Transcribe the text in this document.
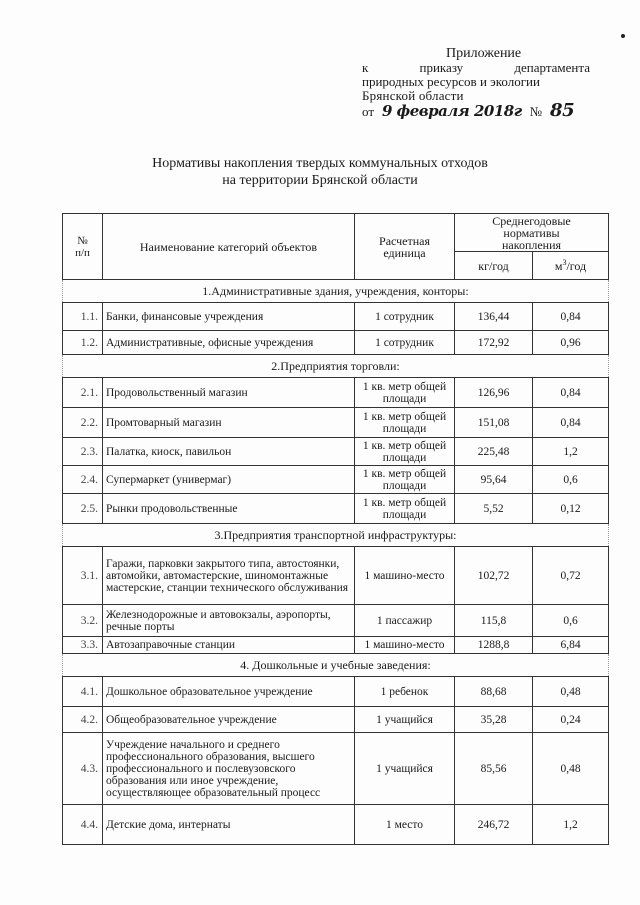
Приложение
к	приказу	департамента
природных ресурсов и экологии
Брянской области
от 9 февраля 2018г № 85
Нормативы накопления твердых коммунальных отходов
на территории Брянской области
№
п/п	Наименование категорий объектов	Расчетная единица	Среднегодовые нормативы накопления	
			кг/год	$м^3$/год
1.Административные здания, учреждения, конторы:				
1.1.	Банки, финансовые учреждения	1 сотрудник	136,44	0,84
1.2.	Административные, офисные учреждения	1 сотрудник	172,92	0,96
2.Предприятия торговли:				
2.1.	Продовольственный магазин	1 кв. метр общей площади	126,96	0,84
2.2.	Промтоварный магазин	1 кв. метр общей площади	151,08	0,84
2.3.	Палатка, киоск, павильон	1 кв. метр общей площади	225,48	1,2
2.4.	Супермаркет (универмаг)	1 кв. метр общей площади	95,64	0,6
2.5.	Рынки продовольственные	1 кв. метр общей площади	5,52	0,12
3.Предприятия транспортной инфраструктуры:				
3.1.	Гаражи, парковки закрытого типа, автостоянки, автомойки, автомастерские, шиномонтажные мастерские, станции технического обслуживания	1 машино-место	102,72	0,72
3.2.	Железнодорожные и автовокзалы, аэропорты, речные порты	1 пассажир	115,8	0,6
3.3.	Автозаправочные станции	1 машино-место	1288,8	6,84
4. Дошкольные и учебные заведения:				
4.1.	Дошкольное образовательное учреждение	1 ребенок	88,68	0,48
4.2.	Общеобразовательное учреждение	1 учащийся	35,28	0,24
4.3.	Учреждение начального и среднего профессионального образования, высшего профессионального и послевузовского образования или иное учреждение, осуществляющее образовательный процесс	1 учащийся	85,56	0,48
4.4.	Детские дома, интернаты	1 место	246,72	1,2
